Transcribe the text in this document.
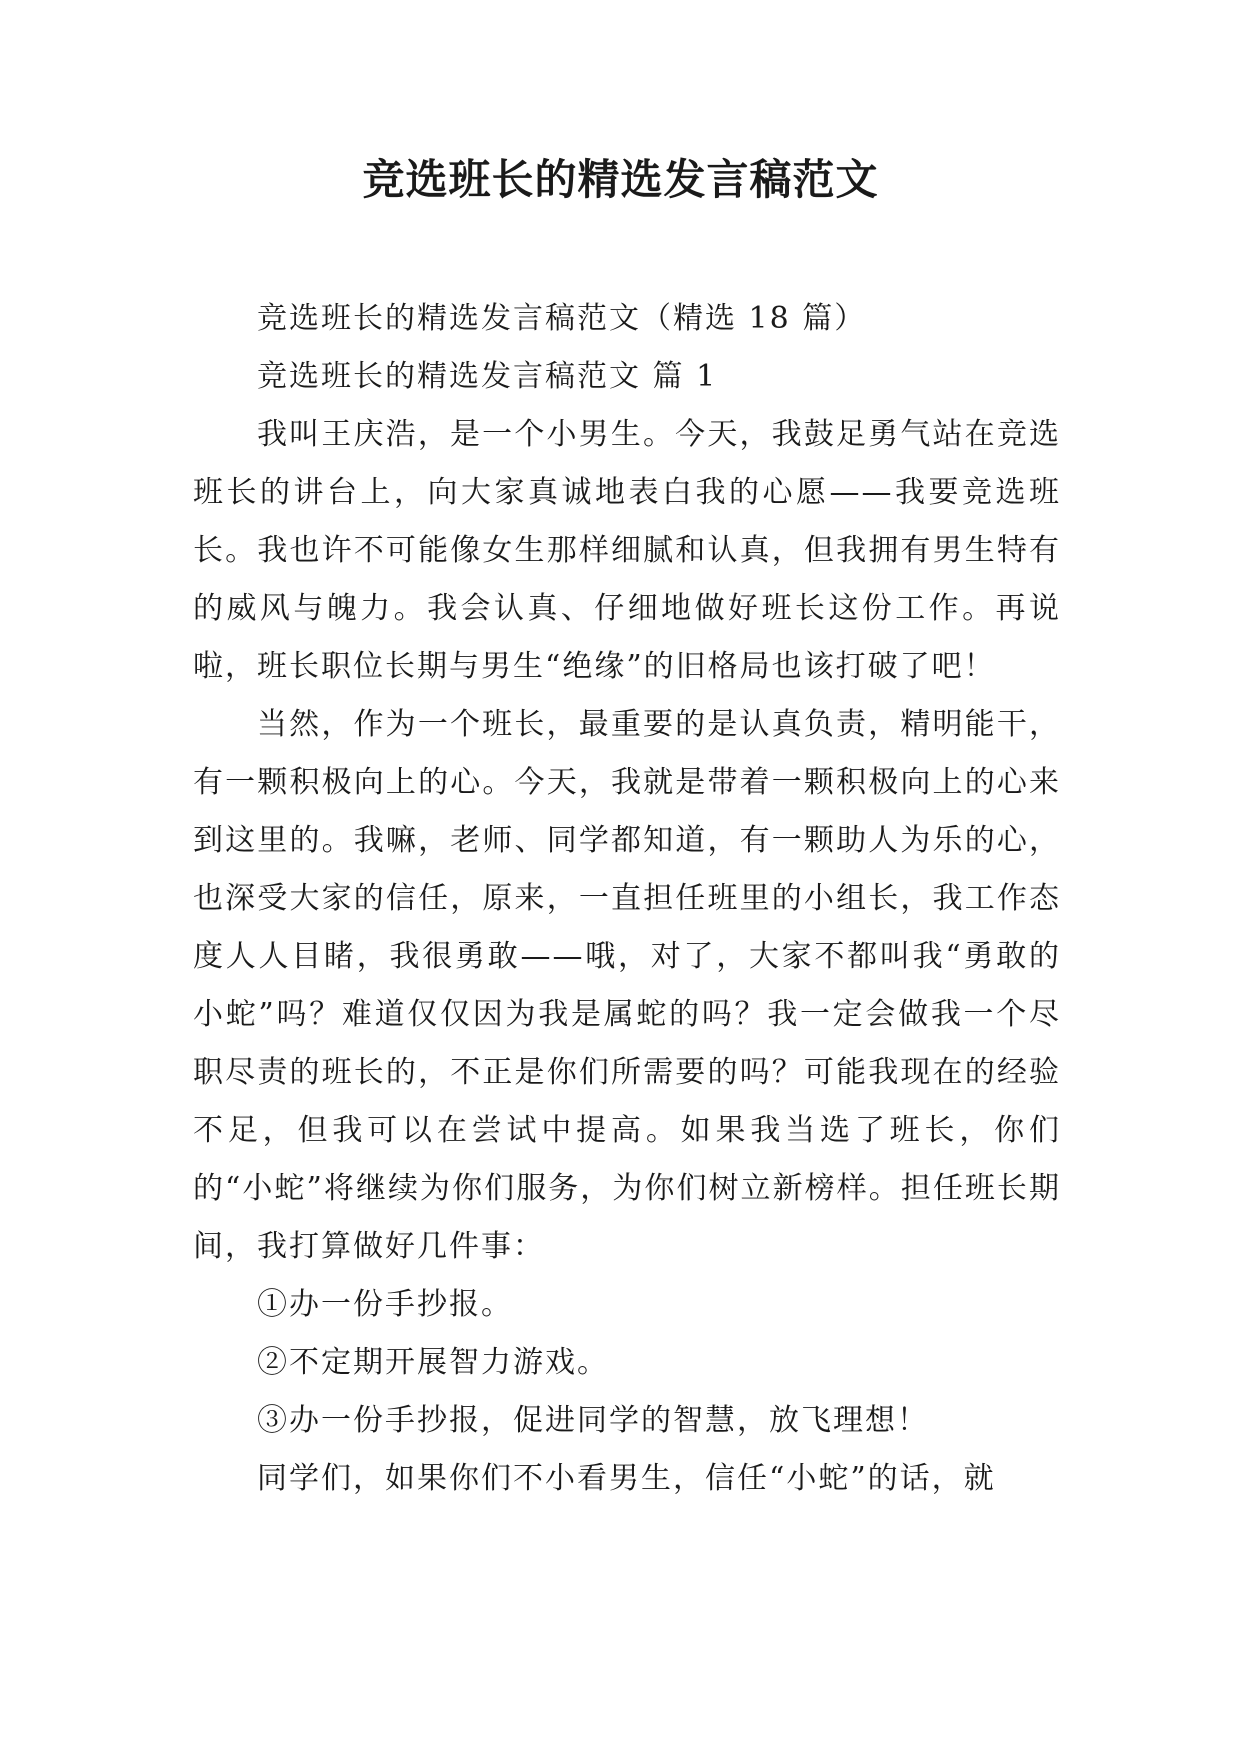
竞选班长的精选发言稿范文

竞选班长的精选发言稿范文（精选 18 篇）

竞选班长的精选发言稿范文 篇 1

我叫王庆浩，是一个小男生。今天，我鼓足勇气站在竞选班长的讲台上，向大家真诚地表白我的心愿——我要竞选班长。我也许不可能像女生那样细腻和认真，但我拥有男生特有的威风与魄力。我会认真、仔细地做好班长这份工作。再说啦，班长职位长期与男生“绝缘”的旧格局也该打破了吧！

当然，作为一个班长，最重要的是认真负责，精明能干，有一颗积极向上的心。今天，我就是带着一颗积极向上的心来到这里的。我嘛，老师、同学都知道，有一颗助人为乐的心，也深受大家的信任，原来，一直担任班里的小组长，我工作态度人人目睹，我很勇敢——哦，对了，大家不都叫我“勇敢的小蛇”吗？难道仅仅因为我是属蛇的吗？我一定会做我一个尽职尽责的班长的，不正是你们所需要的吗？可能我现在的经验不足，但我可以在尝试中提高。如果我当选了班长，你们的“小蛇”将继续为你们服务，为你们树立新榜样。担任班长期间，我打算做好几件事：

①办一份手抄报。

②不定期开展智力游戏。

③办一份手抄报，促进同学的智慧，放飞理想！

同学们，如果你们不小看男生，信任“小蛇”的话，就
